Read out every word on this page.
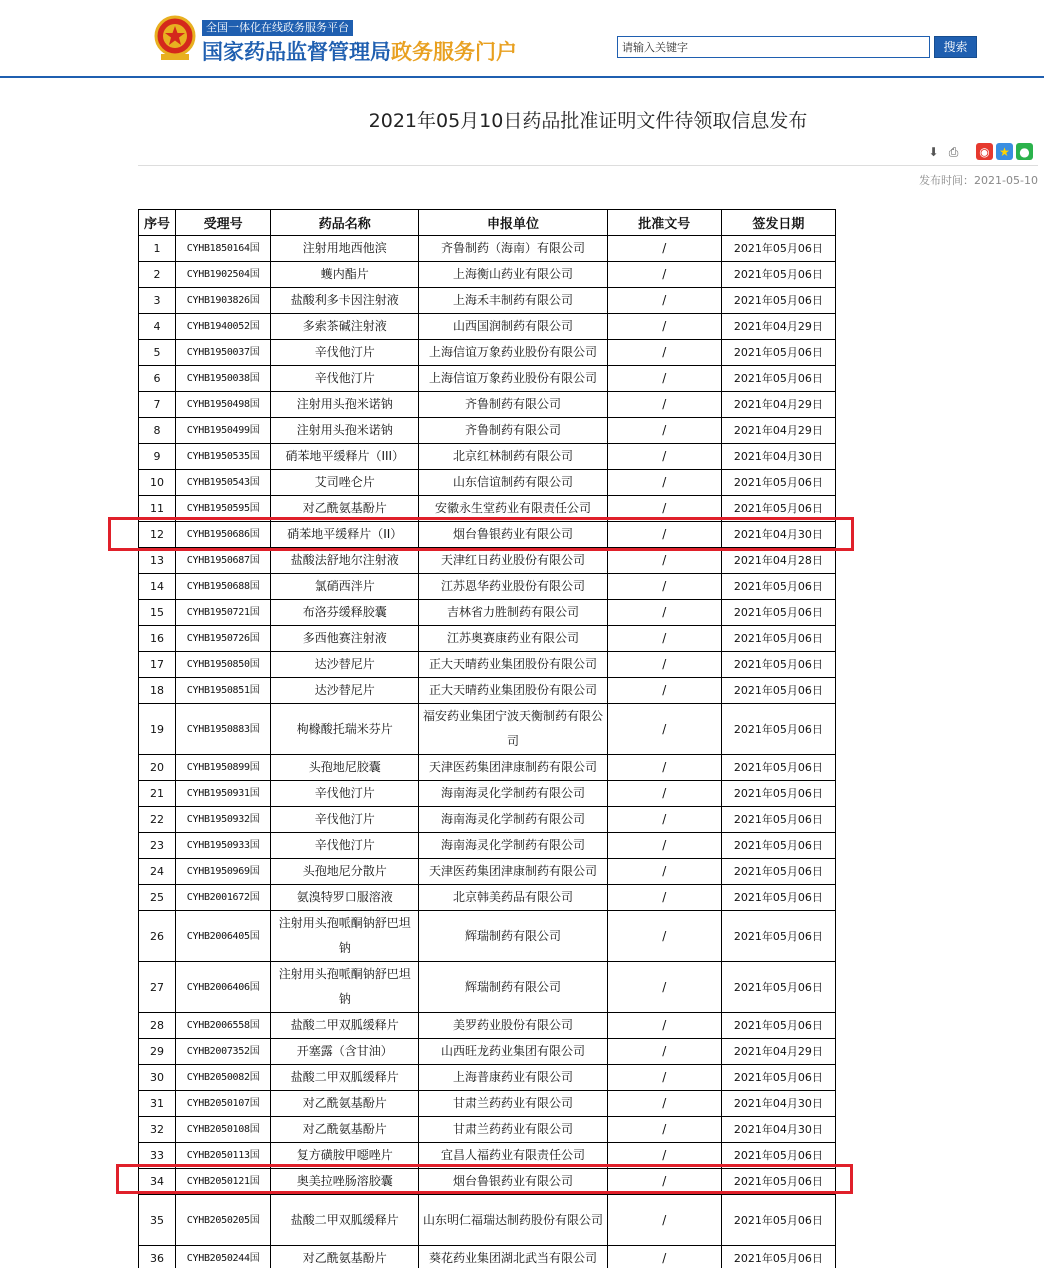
全国一体化在线政务服务平台
国家药品监督管理局政务服务门户
请输入关键字	搜索
2021年05月10日药品批准证明文件待领取信息发布
⬇ ⎙	◉ ★ ●
发布时间：2021-05-10
序号	受理号	药品名称	申报单位	批准文号	签发日期
1	CYHB1850164国	注射用地西他滨	齐鲁制药（海南）有限公司	/	2021年05月06日
2	CYHB1902504国	蠖内酯片	上海衡山药业有限公司	/	2021年05月06日
3	CYHB1903826国	盐酸利多卡因注射液	上海禾丰制药有限公司	/	2021年05月06日
4	CYHB1940052国	多索茶碱注射液	山西国润制药有限公司	/	2021年04月29日
5	CYHB1950037国	辛伐他汀片	上海信谊万象药业股份有限公司	/	2021年05月06日
6	CYHB1950038国	辛伐他汀片	上海信谊万象药业股份有限公司	/	2021年05月06日
7	CYHB1950498国	注射用头孢米诺钠	齐鲁制药有限公司	/	2021年04月29日
8	CYHB1950499国	注射用头孢米诺钠	齐鲁制药有限公司	/	2021年04月29日
9	CYHB1950535国	硝苯地平缓释片（III）	北京红林制药有限公司	/	2021年04月30日
10	CYHB1950543国	艾司唑仑片	山东信谊制药有限公司	/	2021年05月06日
11	CYHB1950595国	对乙酰氨基酚片	安徽永生堂药业有限责任公司	/	2021年05月06日
12	CYHB1950686国	硝苯地平缓释片（II）	烟台鲁银药业有限公司	/	2021年04月30日
13	CYHB1950687国	盐酸法舒地尔注射液	天津红日药业股份有限公司	/	2021年04月28日
14	CYHB1950688国	氯硝西泮片	江苏恩华药业股份有限公司	/	2021年05月06日
15	CYHB1950721国	布洛芬缓释胶囊	吉林省力胜制药有限公司	/	2021年05月06日
16	CYHB1950726国	多西他赛注射液	江苏奥赛康药业有限公司	/	2021年05月06日
17	CYHB1950850国	达沙替尼片	正大天晴药业集团股份有限公司	/	2021年05月06日
18	CYHB1950851国	达沙替尼片	正大天晴药业集团股份有限公司	/	2021年05月06日
19	CYHB1950883国	枸橼酸托瑞米芬片	福安药业集团宁波天衡制药有限公司	/	2021年05月06日
20	CYHB1950899国	头孢地尼胶囊	天津医药集团津康制药有限公司	/	2021年05月06日
21	CYHB1950931国	辛伐他汀片	海南海灵化学制药有限公司	/	2021年05月06日
22	CYHB1950932国	辛伐他汀片	海南海灵化学制药有限公司	/	2021年05月06日
23	CYHB1950933国	辛伐他汀片	海南海灵化学制药有限公司	/	2021年05月06日
24	CYHB1950969国	头孢地尼分散片	天津医药集团津康制药有限公司	/	2021年05月06日
25	CYHB2001672国	氨溴特罗口服溶液	北京韩美药品有限公司	/	2021年05月06日
26	CYHB2006405国	注射用头孢哌酮钠舒巴坦钠	辉瑞制药有限公司	/	2021年05月06日
27	CYHB2006406国	注射用头孢哌酮钠舒巴坦钠	辉瑞制药有限公司	/	2021年05月06日
28	CYHB2006558国	盐酸二甲双胍缓释片	美罗药业股份有限公司	/	2021年05月06日
29	CYHB2007352国	开塞露（含甘油）	山西旺龙药业集团有限公司	/	2021年04月29日
30	CYHB2050082国	盐酸二甲双胍缓释片	上海普康药业有限公司	/	2021年05月06日
31	CYHB2050107国	对乙酰氨基酚片	甘肃兰药药业有限公司	/	2021年04月30日
32	CYHB2050108国	对乙酰氨基酚片	甘肃兰药药业有限公司	/	2021年04月30日
33	CYHB2050113国	复方磺胺甲噁唑片	宜昌人福药业有限责任公司	/	2021年05月06日
34	CYHB2050121国	奥美拉唑肠溶胶囊	烟台鲁银药业有限公司	/	2021年05月06日
35	CYHB2050205国	盐酸二甲双胍缓释片	山东明仁福瑞达制药股份有限公司	/	2021年05月06日
36	CYHB2050244国	对乙酰氨基酚片	葵花药业集团湖北武当有限公司	/	2021年05月06日
